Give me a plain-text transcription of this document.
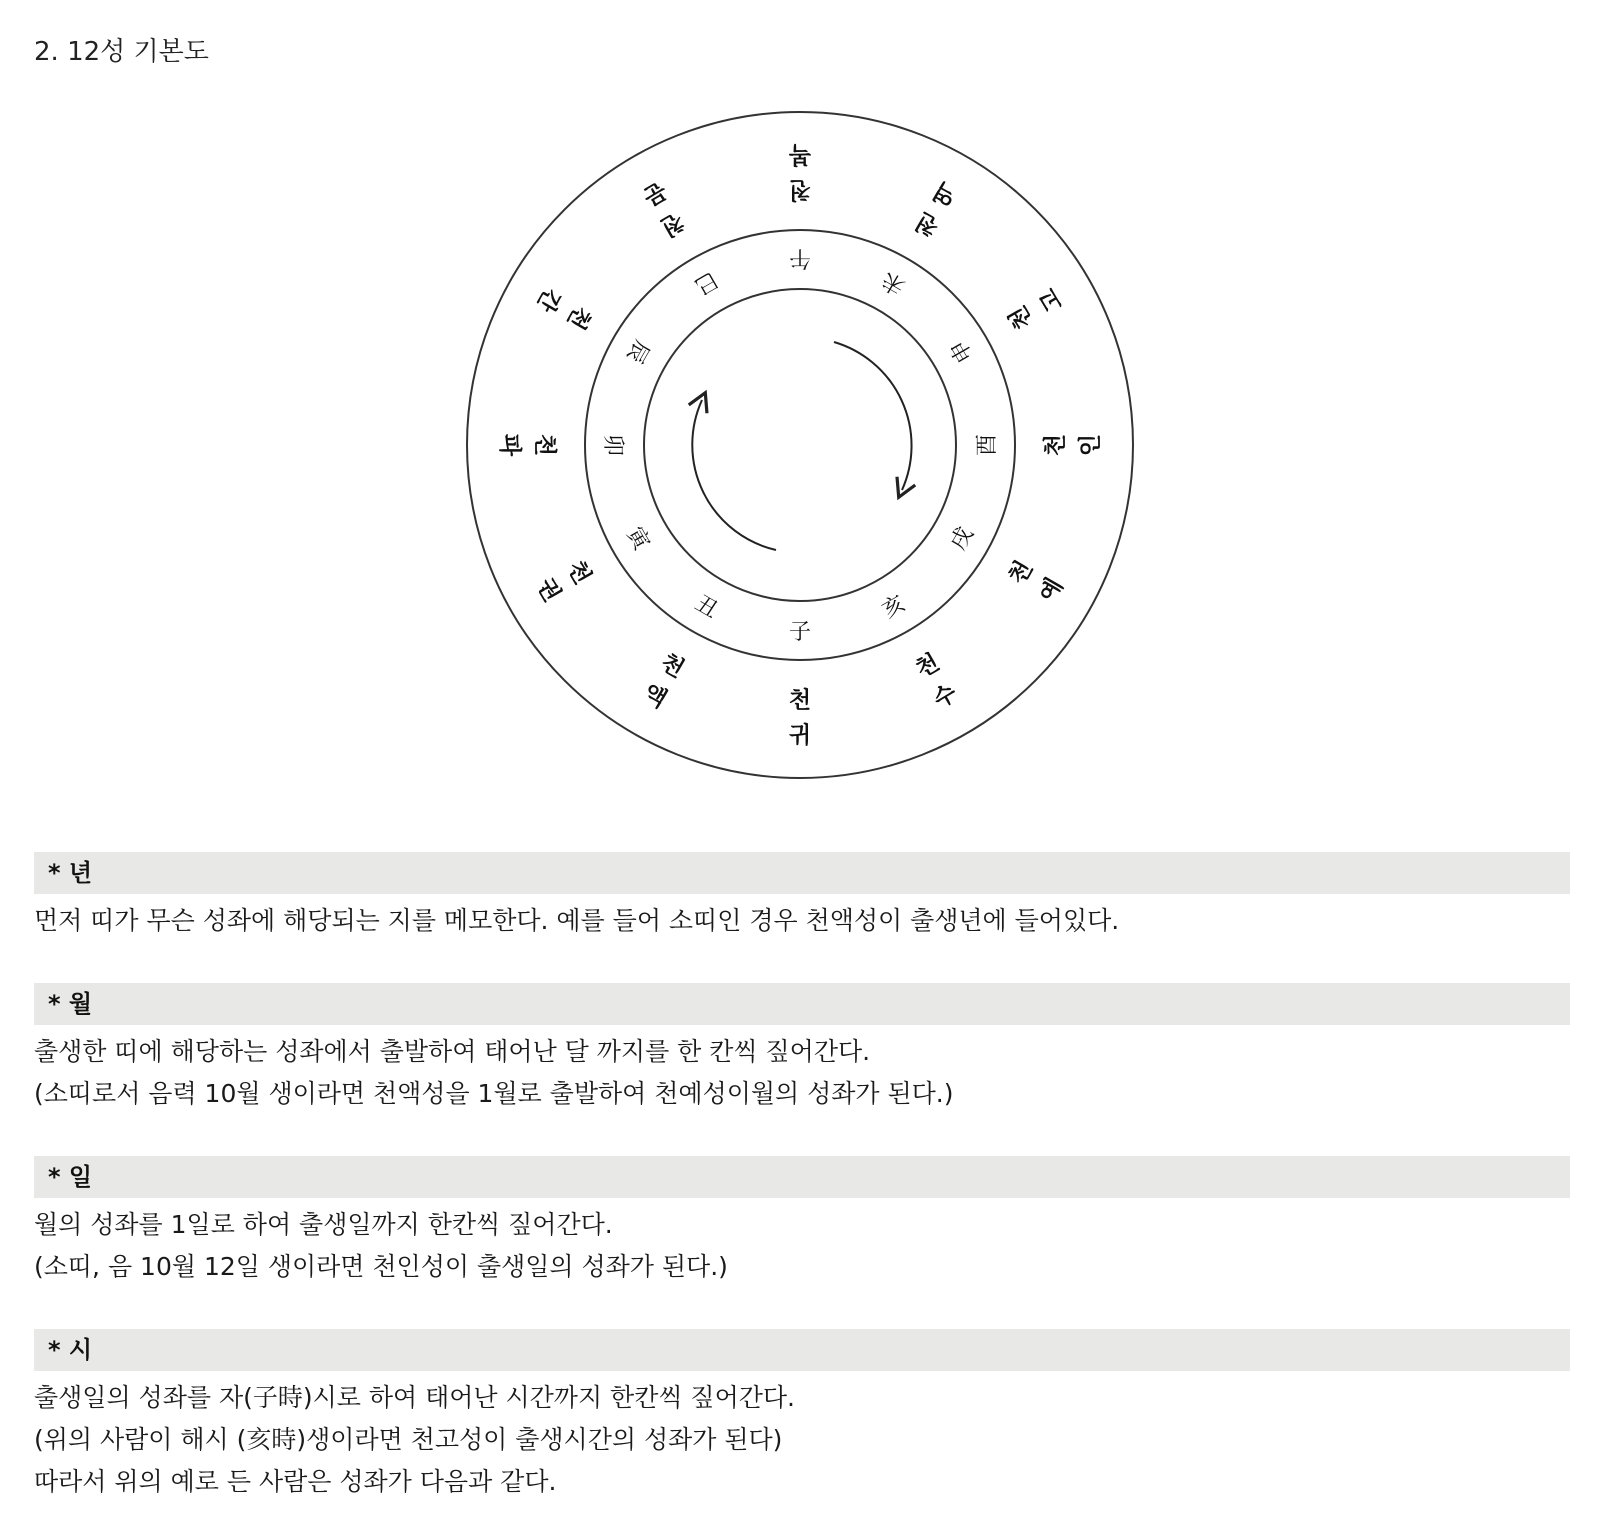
2. 12성 기본도
子
丑
寅
卯
辰
巳
午
未
申
酉
戌
亥
천
귀
천
액
천
권
천
파
천
간
천
문	천
복
천
역
천
고
천 인
천
예
천
수
* 년
먼저 띠가 무슨 성좌에 해당되는 지를 메모한다. 예를 들어 소띠인 경우 천액성이 출생년에 들어있다.
* 월
출생한 띠에 해당하는 성좌에서 출발하여 태어난 달 까지를 한 칸씩 짚어간다.
(소띠로서 음력 10월 생이라면 천액성을 1월로 출발하여 천예성이월의 성좌가 된다.)
* 일
월의 성좌를 1일로 하여 출생일까지 한칸씩 짚어간다.
(소띠, 음 10월 12일 생이라면 천인성이 출생일의 성좌가 된다.)
* 시
출생일의 성좌를 자(子時)시로 하여 태어난 시간까지 한칸씩 짚어간다.
(위의 사람이 해시 (亥時)생이라면 천고성이 출생시간의 성좌가 된다)
따라서 위의 예로 든 사람은 성좌가 다음과 같다.
